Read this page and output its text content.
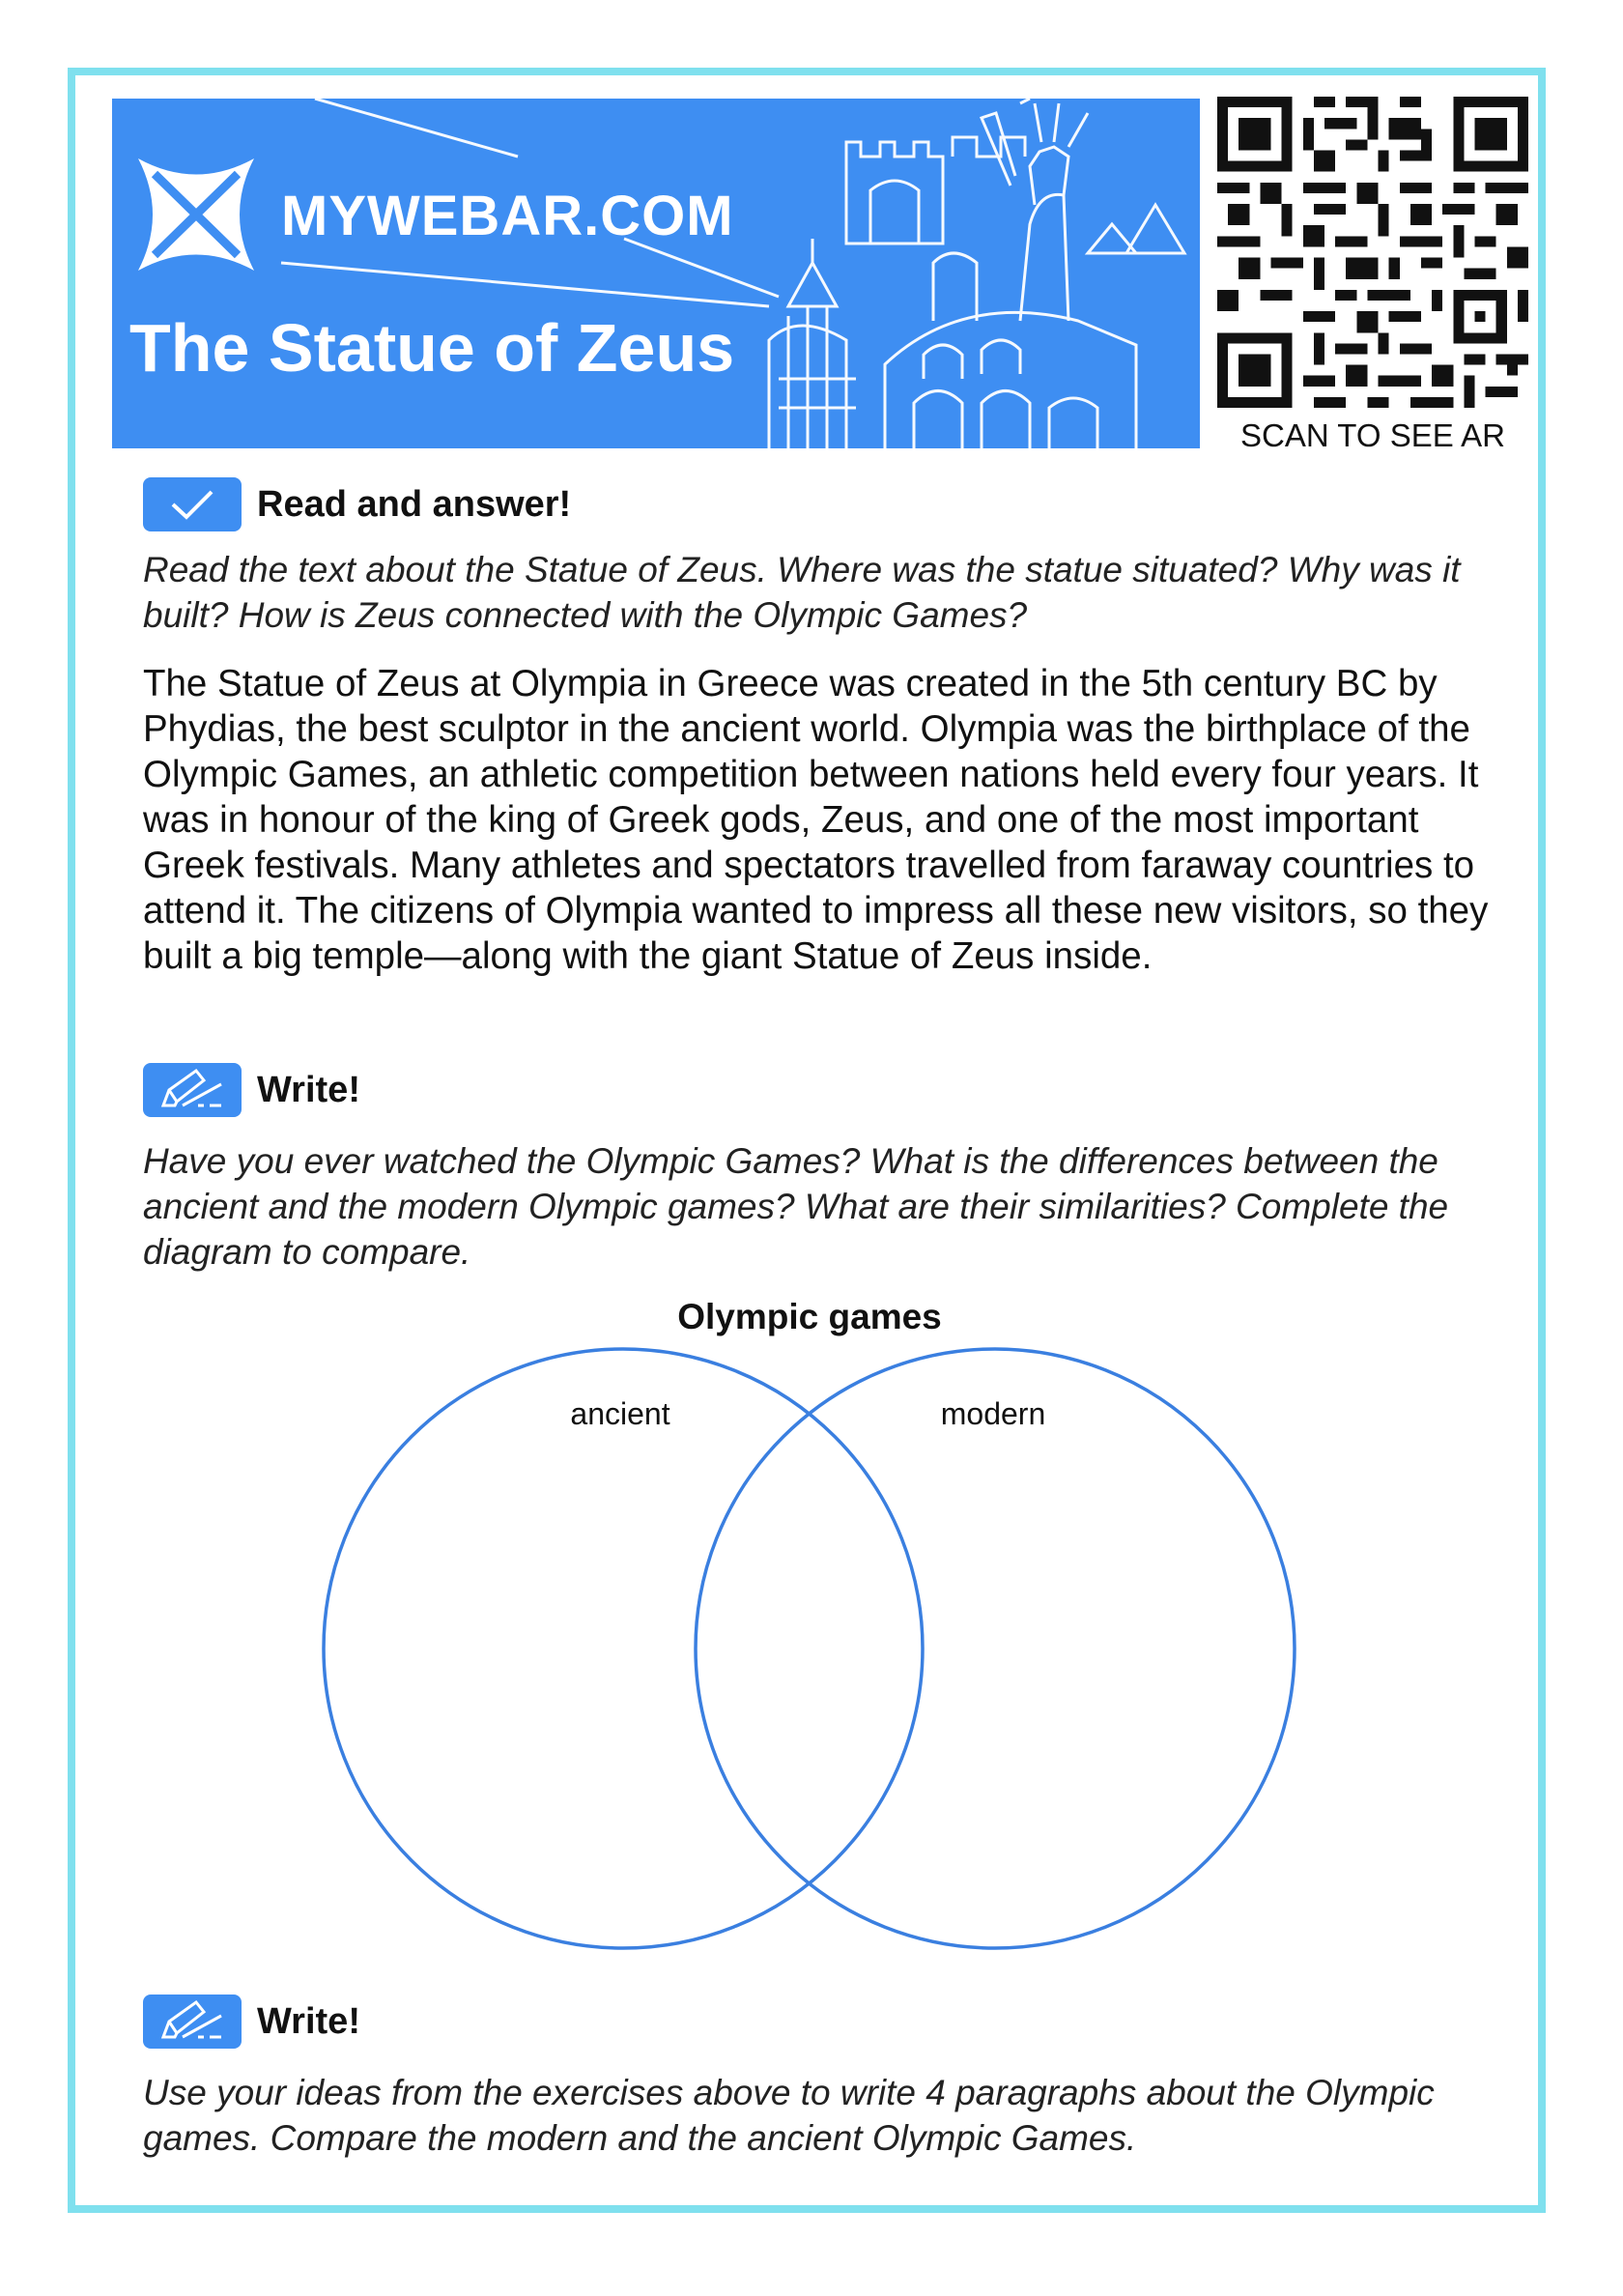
MYWEBAR.COM
The Statue of Zeus
SCAN TO SEE AR
Read and answer!
Read the text about the Statue of Zeus. Where was the statue situated? Why was it built? How is Zeus connected with the Olympic Games?
The Statue of Zeus at Olympia in Greece was created in the 5th century BC by Phydias, the best sculptor in the ancient world. Olympia was the birthplace of the Olympic Games, an athletic competition between nations held every four years. It was in honour of the king of Greek gods, Zeus, and one of the most important Greek festivals. Many athletes and spectators travelled from faraway countries to attend it. The citizens of Olympia wanted to impress all these new visitors, so they built a big temple—along with the giant Statue of Zeus inside.
Write!
Have you ever watched the Olympic Games? What is the differences between the ancient and the modern Olympic games? What are their similarities? Complete the diagram to compare.
Olympic games
ancient	modern
Write!
Use your ideas from the exercises above to write 4 paragraphs about the Olympic games. Compare the modern and the ancient Olympic Games.
